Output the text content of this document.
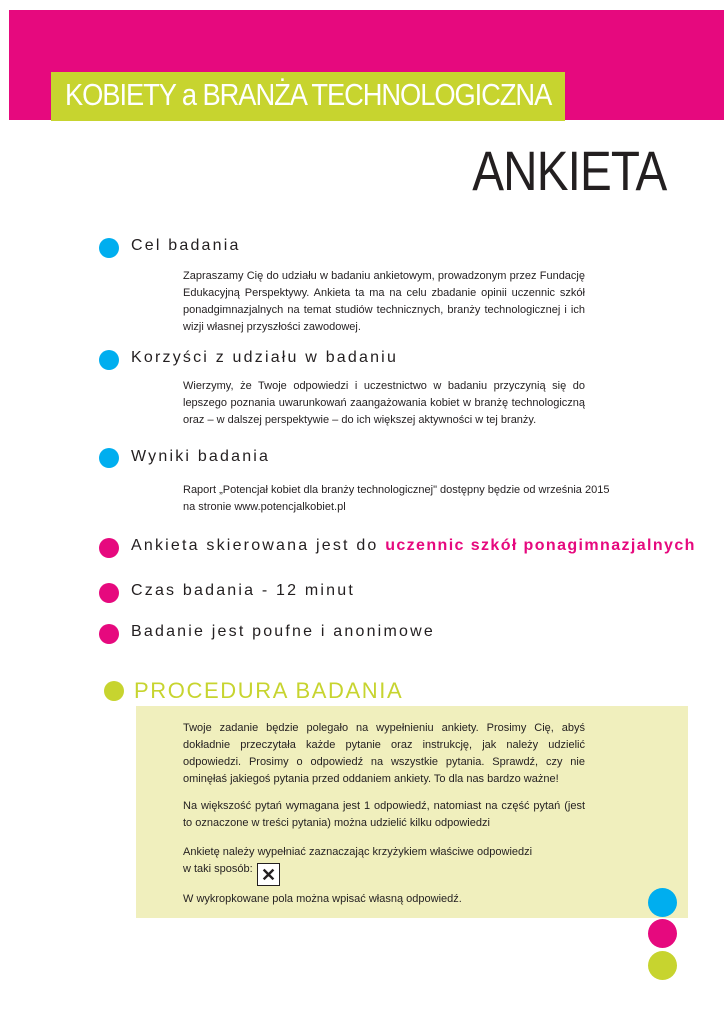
KOBIETY a BRANŻA TECHNOLOGICZNA
ANKIETA
Cel badania
Zapraszamy Cię do udziału w badaniu ankietowym, prowadzonym przez Fundację Edukacyjną Perspektywy. Ankieta ta ma na celu zbadanie opinii uczennic szkół ponadgimnazjalnych na temat studiów technicznych, branży technologicznej i ich wizji własnej przyszłości zawodowej.
Korzyści z udziału w badaniu
Wierzymy, że Twoje odpowiedzi i uczestnictwo w badaniu przyczynią się do lepszego poznania uwarunkowań zaangażowania kobiet w branżę technologiczną oraz – w dalszej perspektywie – do ich większej aktywności w tej branży.
Wyniki badania
Raport „Potencjał kobiet dla branży technologicznej" dostępny będzie od września 2015
na stronie www.potencjalkobiet.pl
Ankieta skierowana jest do uczennic szkół ponagimnazjalnych
Czas badania - 12 minut
Badanie jest poufne i anonimowe
PROCEDURA BADANIA
Twoje zadanie będzie polegało na wypełnieniu ankiety. Prosimy Cię, abyś dokładnie przeczytała każde pytanie oraz instrukcję, jak należy udzielić odpowiedzi. Prosimy o odpowiedź na wszystkie pytania. Sprawdź, czy nie ominęłaś jakiegoś pytania przed oddaniem ankiety. To dla nas bardzo ważne!
Na większość pytań wymagana jest 1 odpowiedź, natomiast na część pytań (jest to oznaczone w treści pytania) można udzielić kilku odpowiedzi
Ankietę należy wypełniać zaznaczając krzyżykiem właściwe odpowiedzi
w taki sposób: ✕
W wykropkowane pola można wpisać własną odpowiedź.
